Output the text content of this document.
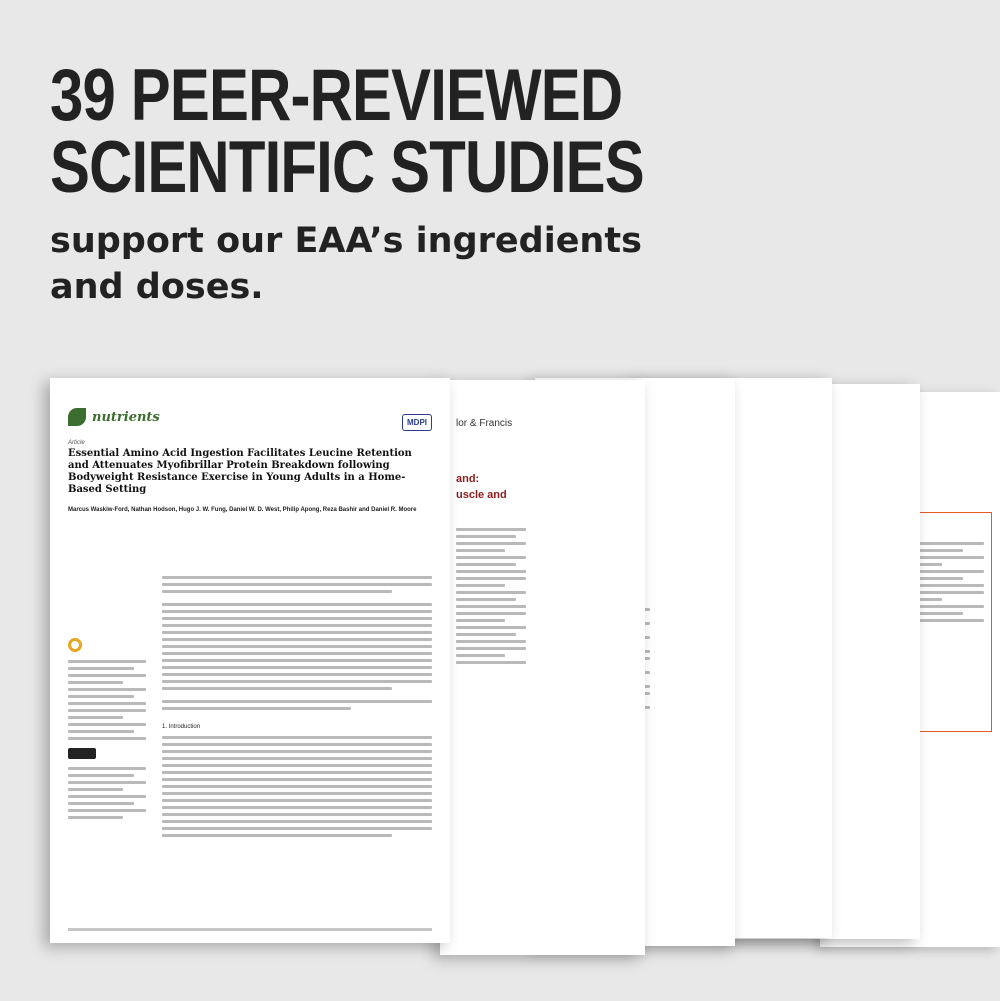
39 PEER-REVIEWED
SCIENTIFIC STUDIES
support our EAA’s ingredients and doses.
lor & Francis
and:
uscle and
nutrients	MDPI
Article
Essential Amino Acid Ingestion Facilitates Leucine Retention and Attenuates Myofibrillar Protein Breakdown following Bodyweight Resistance Exercise in Young Adults in a Home-Based Setting
Marcus Waskiw-Ford, Nathan Hodson, Hugo J. W. Fung, Daniel W. D. West, Philip Apong, Reza Bashir and Daniel R. Moore
1. Introduction
